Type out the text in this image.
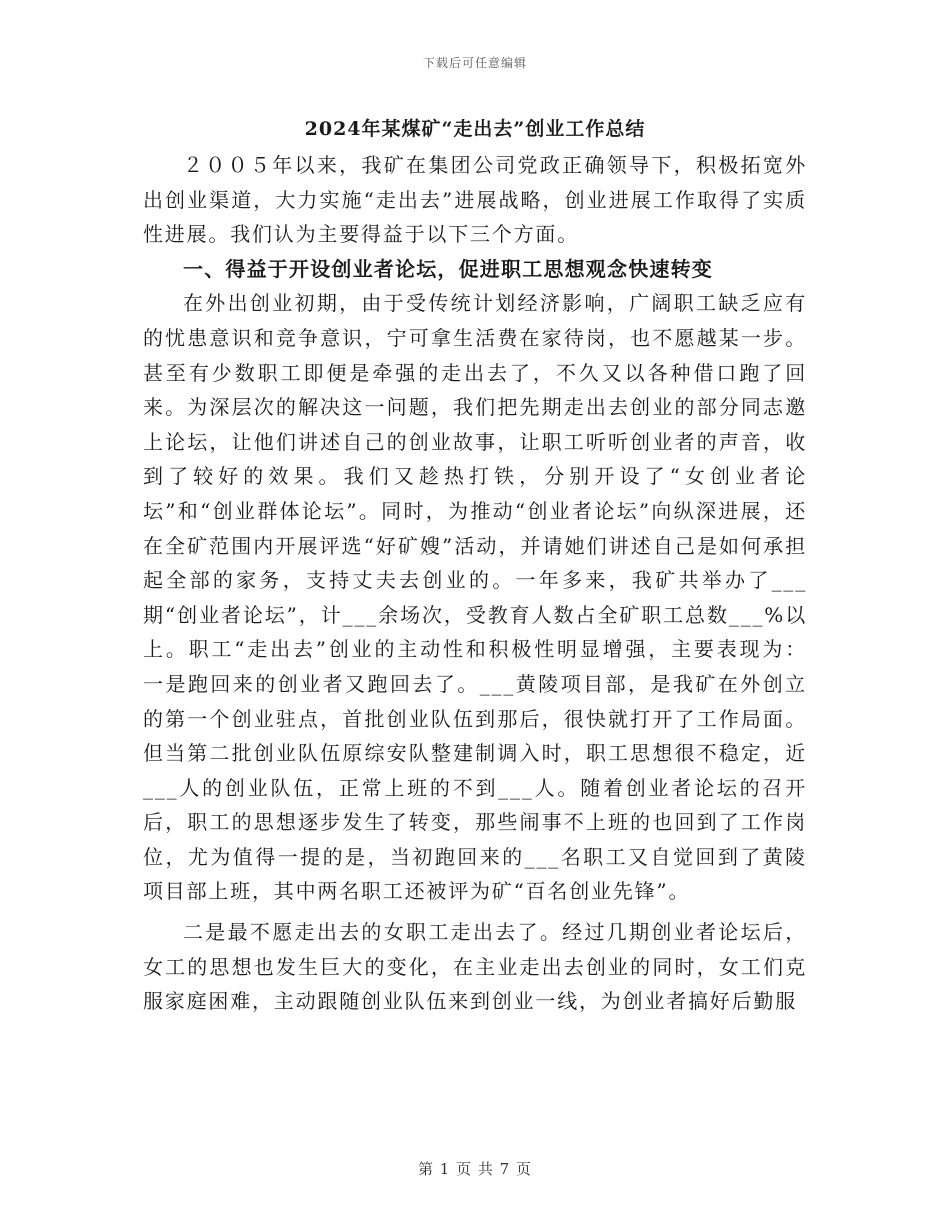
下载后可任意编辑
2024年某煤矿“走出去”创业工作总结

２００５年以来，我矿在集团公司党政正确领导下，积极拓宽外出创业渠道，大力实施“走出去”进展战略，创业进展工作取得了实质性进展。我们认为主要得益于以下三个方面。

一、得益于开设创业者论坛，促进职工思想观念快速转变

在外出创业初期，由于受传统计划经济影响，广阔职工缺乏应有的忧患意识和竞争意识，宁可拿生活费在家待岗，也不愿越某一步。甚至有少数职工即便是牵强的走出去了，不久又以各种借口跑了回来。为深层次的解决这一问题，我们把先期走出去创业的部分同志邀上论坛，让他们讲述自己的创业故事，让职工听听创业者的声音，收到了较好的效果。我们又趁热打铁，分别开设了“女创业者论坛”和“创业群体论坛”。同时，为推动“创业者论坛”向纵深进展，还在全矿范围内开展评选“好矿嫂”活动，并请她们讲述自己是如何承担起全部的家务，支持丈夫去创业的。一年多来，我矿共举办了___期“创业者论坛”，计___余场次，受教育人数占全矿职工总数___%以上。职工“走出去”创业的主动性和积极性明显增强，主要表现为： 一是跑回来的创业者又跑回去了。___黄陵项目部，是我矿在外创立的第一个创业驻点，首批创业队伍到那后，很快就打开了工作局面。但当第二批创业队伍原综安队整建制调入时，职工思想很不稳定，近___人的创业队伍，正常上班的不到___人。随着创业者论坛的召开后，职工的思想逐步发生了转变，那些闹事不上班的也回到了工作岗位，尤为值得一提的是，当初跑回来的___名职工又自觉回到了黄陵项目部上班，其中两名职工还被评为矿“百名创业先锋”。

二是最不愿走出去的女职工走出去了。经过几期创业者论坛后，女工的思想也发生巨大的变化，在主业走出去创业的同时，女工们克服家庭困难，主动跟随创业队伍来到创业一线，为创业者搞好后勤服

第 1 页 共 7 页
